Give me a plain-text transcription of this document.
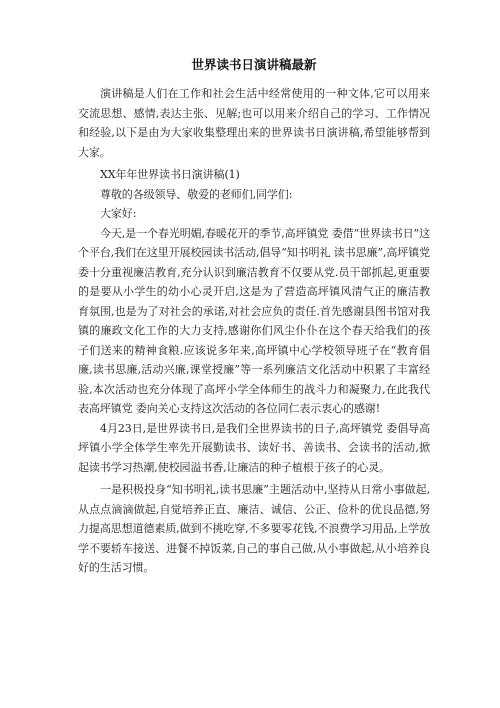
世界读书日演讲稿最新

演讲稿是人们在工作和社会生活中经常使用的一种文体,它可以用来交流思想、感情,表达主张、见解;也可以用来介绍自己的学习、工作情况和经验,以下是由为大家收集整理出来的世界读书日演讲稿,希望能够帮到大家。

XX年年世界读书日演讲稿(1)

尊敬的各级领导、敬爱的老师们,同学们:

大家好:

今天,是一个春光明媚,春暖花开的季节,高坪镇党 委借“世界读书日”这个平台,我们在这里开展校园读书活动,倡导“知书明礼 读书思廉”,高坪镇党委十分重视廉洁教育,充分认识到廉洁教育不仅要从党.员干部抓起,更重要的是要从小学生的幼小心灵开启,这是为了营造高坪镇风清气正的廉洁教育氛围,也是为了对社会的承诺,对社会应负的责任.首先感谢县图书馆对我镇的廉政文化工作的大力支持,感谢你们风尘仆仆在这个春天给我们的孩子们送来的精神食粮.应该说多年来,高坪镇中心学校领导班子在“教育倡廉,读书思廉,活动兴廉,课堂授廉”等一系列廉洁文化活动中积累了丰富经验,本次活动也充分体现了高坪小学全体师生的战斗力和凝聚力,在此我代表高坪镇党 委向关心支持这次活动的各位同仁表示衷心的感谢!

4月23日,是世界读书日,是我们全世界读书的日子,高坪镇党 委倡导高坪镇小学全体学生率先开展勤读书、读好书、善读书、会读书的活动,掀起读书学习热潮,使校园溢书香,让廉洁的种子植根于孩子的心灵。

一是积极投身“知书明礼,读书思廉”主题活动中,坚持从日常小事做起,从点点滴滴做起,自觉培养正直、廉洁、诚信、公正、俭朴的优良品德,努力提高思想道德素质,做到不挑吃穿,不多要零花钱,不浪费学习用品,上学放学不要轿车接送、进餐不掉饭菜,自己的事自己做,从小事做起,从小培养良好的生活习惯。
